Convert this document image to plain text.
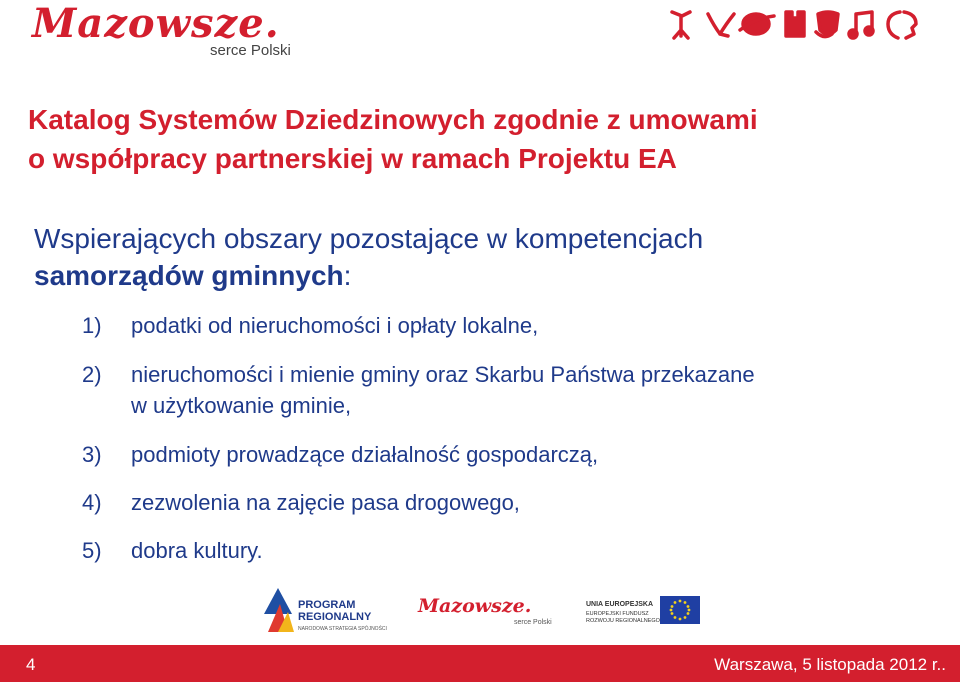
Mazowsze.
serce Polski
Katalog Systemów Dziedzinowych zgodnie z umowami
o współpracy partnerskiej w ramach Projektu EA
Wspierających obszary pozostające w kompetencjach
samorządów gminnych:
1)	podatki od nieruchomości i opłaty lokalne,
2)	nieruchomości i mienie gminy oraz Skarbu Państwa przekazane
w użytkowanie gminie,
3)	podmioty prowadzące działalność gospodarczą,
4)	zezwolenia na zajęcie pasa drogowego,
5)	dobra kultury.
PROGRAM
REGIONALNY
NARODOWA STRATEGIA SPÓJNOŚCI
Mazowsze.
serce Polski
UNIA EUROPEJSKA
EUROPEJSKI FUNDUSZ
ROZWOJU REGIONALNEGO
4	Warszawa, 5 listopada 2012 r..
